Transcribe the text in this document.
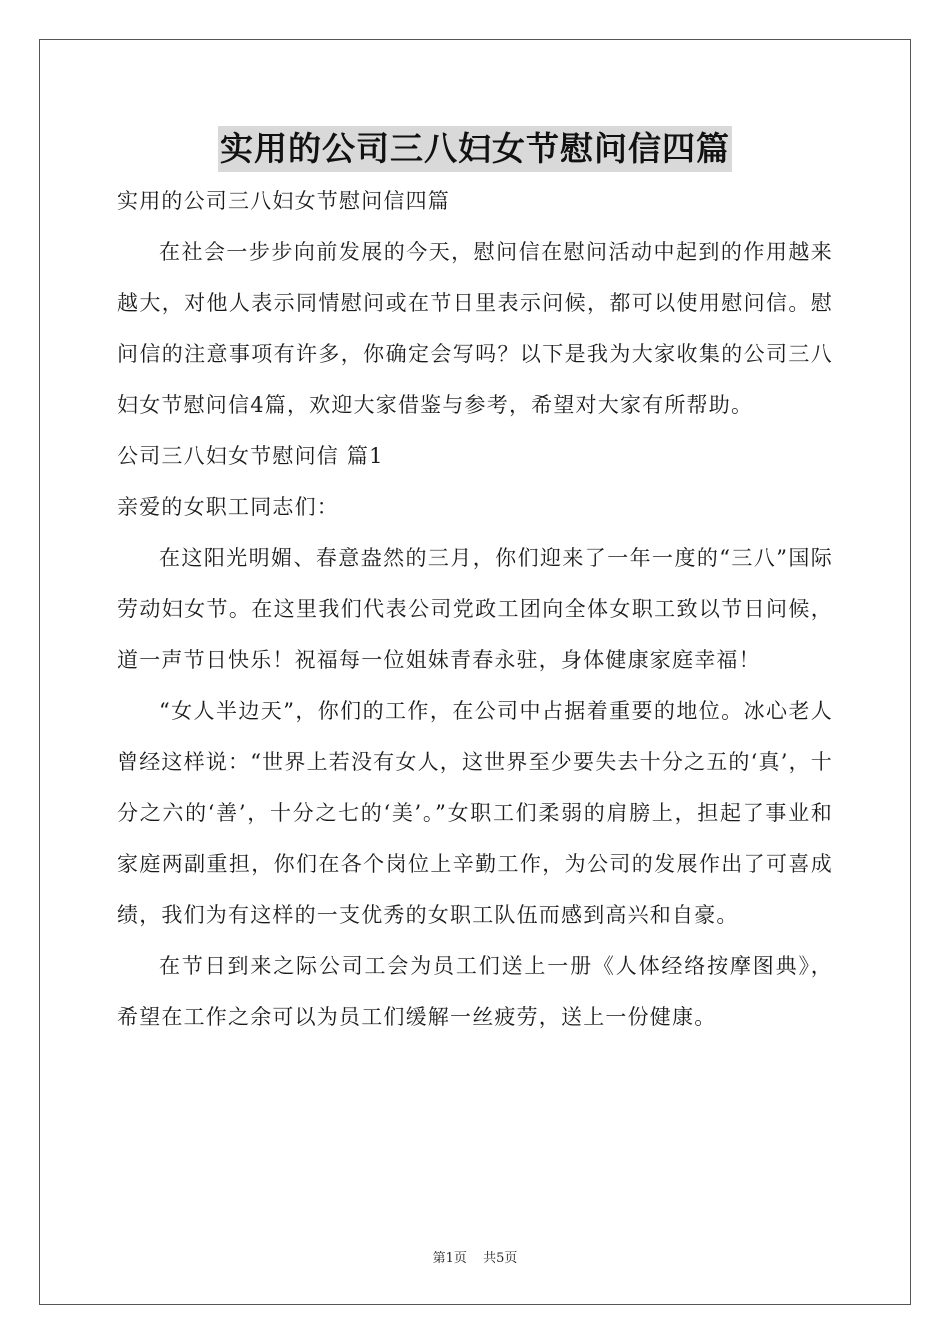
实用的公司三八妇女节慰问信四篇

实用的公司三八妇女节慰问信四篇

在社会一步步向前发展的今天，慰问信在慰问活动中起到的作用越来越大，对他人表示同情慰问或在节日里表示问候，都可以使用慰问信。慰问信的注意事项有许多，你确定会写吗？以下是我为大家收集的公司三八妇女节慰问信4篇，欢迎大家借鉴与参考，希望对大家有所帮助。

公司三八妇女节慰问信 篇1

亲爱的女职工同志们：

在这阳光明媚、春意盎然的三月，你们迎来了一年一度的“三八”国际劳动妇女节。在这里我们代表公司党政工团向全体女职工致以节日问候，道一声节日快乐！祝福每一位姐妹青春永驻，身体健康家庭幸福！

“女人半边天”，你们的工作，在公司中占据着重要的地位。冰心老人曾经这样说：“世界上若没有女人，这世界至少要失去十分之五的‘真’，十分之六的‘善’，十分之七的‘美’。”女职工们柔弱的肩膀上，担起了事业和家庭两副重担，你们在各个岗位上辛勤工作，为公司的发展作出了可喜成绩，我们为有这样的一支优秀的女职工队伍而感到高兴和自豪。

在节日到来之际公司工会为员工们送上一册《人体经络按摩图典》，希望在工作之余可以为员工们缓解一丝疲劳，送上一份健康。

第1页 共5页
